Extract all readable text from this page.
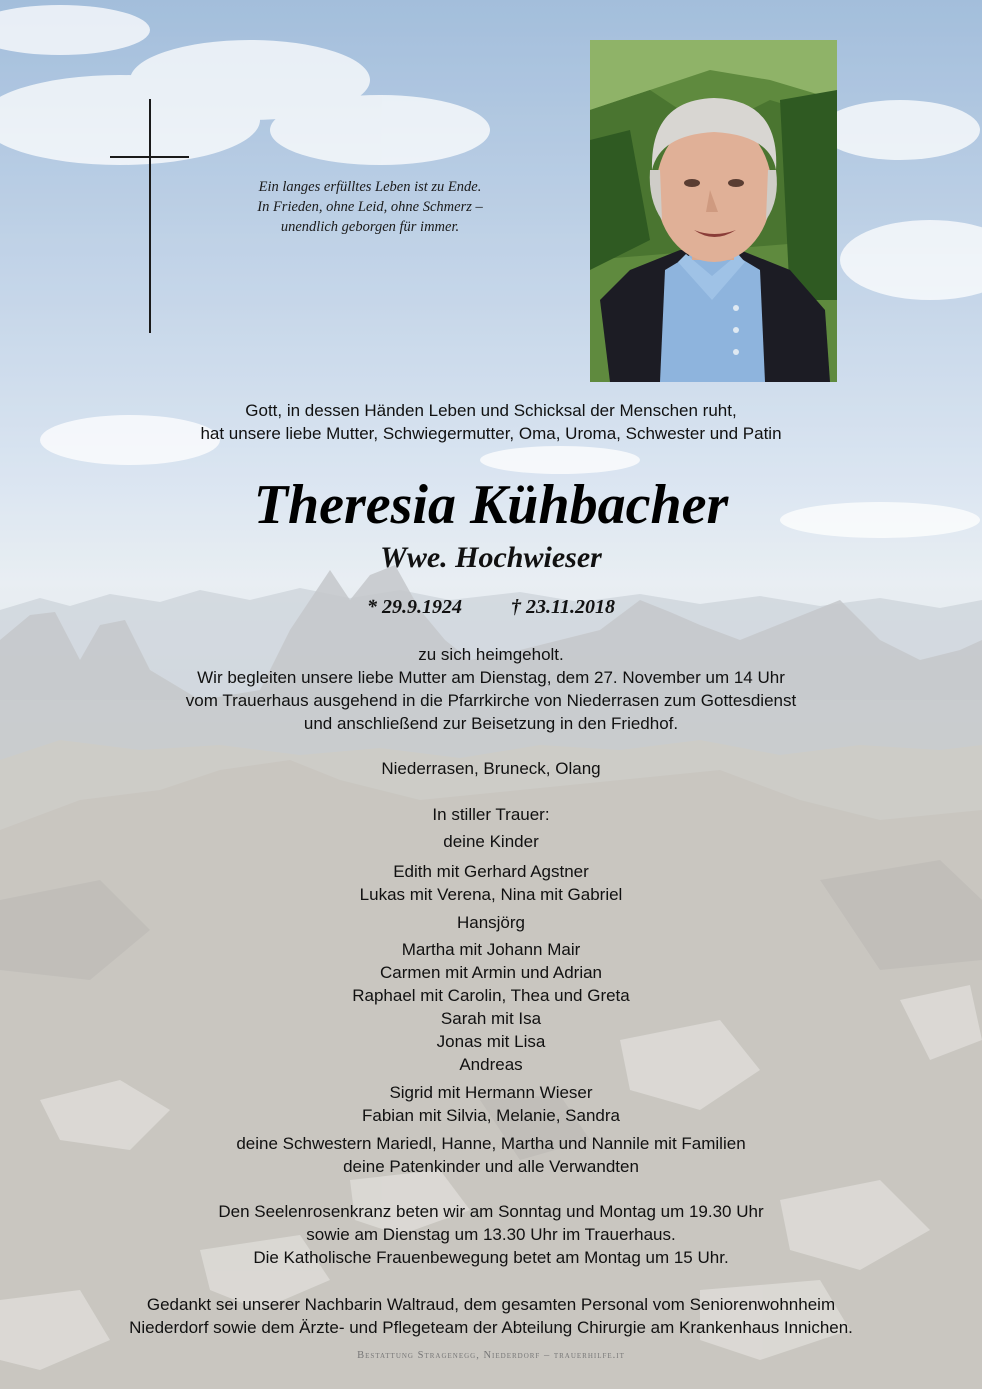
Ein langes erfülltes Leben ist zu Ende.
In Frieden, ohne Leid, ohne Schmerz –
unendlich geborgen für immer.
Gott, in dessen Händen Leben und Schicksal der Menschen ruht,
hat unsere liebe Mutter, Schwiegermutter, Oma, Uroma, Schwester und Patin
Theresia Kühbacher
Wwe. Hochwieser
* 29.9.1924 † 23.11.2018
zu sich heimgeholt.
Wir begleiten unsere liebe Mutter am Dienstag, dem 27. November um 14 Uhr
vom Trauerhaus ausgehend in die Pfarrkirche von Niederrasen zum Gottesdienst
und anschließend zur Beisetzung in den Friedhof.
Niederrasen, Bruneck, Olang
In stiller Trauer:
deine Kinder
Edith mit Gerhard Agstner
Lukas mit Verena, Nina mit Gabriel
Hansjörg
Martha mit Johann Mair
Carmen mit Armin und Adrian
Raphael mit Carolin, Thea und Greta
Sarah mit Isa
Jonas mit Lisa
Andreas
Sigrid mit Hermann Wieser
Fabian mit Silvia, Melanie, Sandra
deine Schwestern Mariedl, Hanne, Martha und Nannile mit Familien
deine Patenkinder und alle Verwandten
Den Seelenrosenkranz beten wir am Sonntag und Montag um 19.30 Uhr
sowie am Dienstag um 13.30 Uhr im Trauerhaus.
Die Katholische Frauenbewegung betet am Montag um 15 Uhr.
Gedankt sei unserer Nachbarin Waltraud, dem gesamten Personal vom Seniorenwohnheim
Niederdorf sowie dem Ärzte- und Pflegeteam der Abteilung Chirurgie am Krankenhaus Innichen.
Bestattung Stragenegg, Niederdorf – trauerhilfe.it
